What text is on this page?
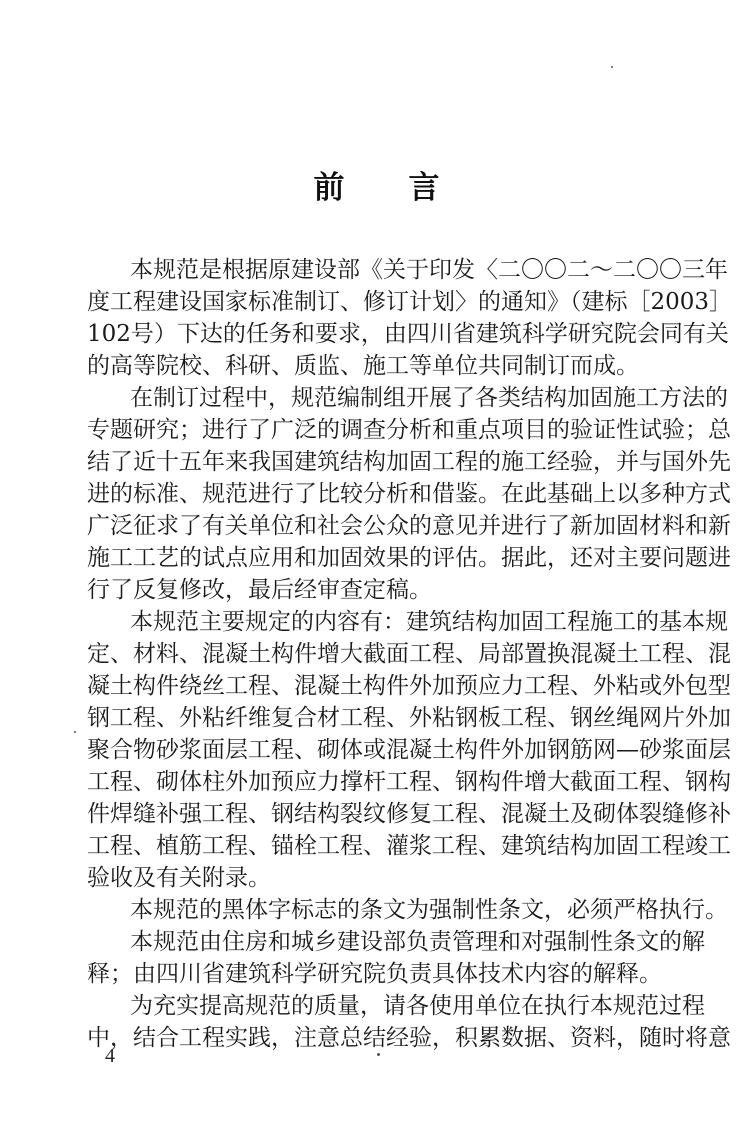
前 言
本规范是根据原建设部《关于印发〈二〇〇二～二〇〇三年
度工程建设国家标准制订、修订计划〉的通知》（建标［2003］
102号）下达的任务和要求，由四川省建筑科学研究院会同有关
的高等院校、科研、质监、施工等单位共同制订而成。
在制订过程中，规范编制组开展了各类结构加固施工方法的
专题研究；进行了广泛的调查分析和重点项目的验证性试验；总
结了近十五年来我国建筑结构加固工程的施工经验，并与国外先
进的标准、规范进行了比较分析和借鉴。在此基础上以多种方式
广泛征求了有关单位和社会公众的意见并进行了新加固材料和新
施工工艺的试点应用和加固效果的评估。据此，还对主要问题进
行了反复修改，最后经审查定稿。
本规范主要规定的内容有：建筑结构加固工程施工的基本规
定、材料、混凝土构件增大截面工程、局部置换混凝土工程、混
凝土构件绕丝工程、混凝土构件外加预应力工程、外粘或外包型
钢工程、外粘纤维复合材工程、外粘钢板工程、钢丝绳网片外加
聚合物砂浆面层工程、砌体或混凝土构件外加钢筋网—砂浆面层
工程、砌体柱外加预应力撑杆工程、钢构件增大截面工程、钢构
件焊缝补强工程、钢结构裂纹修复工程、混凝土及砌体裂缝修补
工程、植筋工程、锚栓工程、灌浆工程、建筑结构加固工程竣工
验收及有关附录。
本规范的黑体字标志的条文为强制性条文，必须严格执行。
本规范由住房和城乡建设部负责管理和对强制性条文的解
释；由四川省建筑科学研究院负责具体技术内容的解释。
为充实提高规范的质量，请各使用单位在执行本规范过程
中，结合工程实践，注意总结经验，积累数据、资料，随时将意
4
